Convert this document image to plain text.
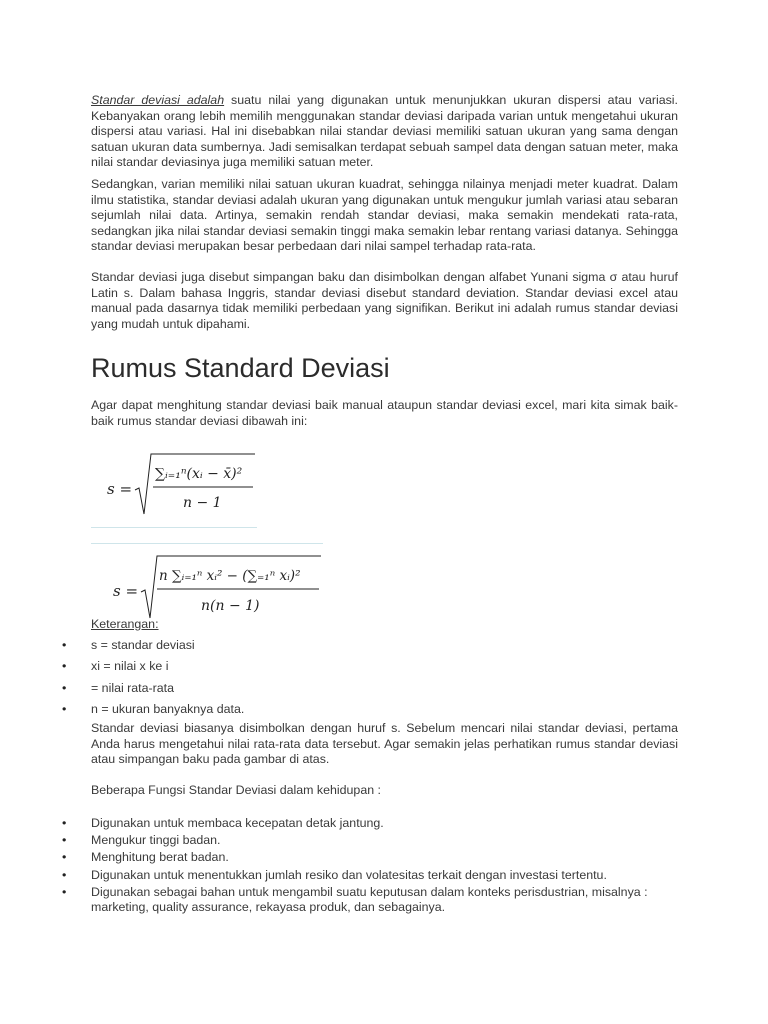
Standar deviasi adalah suatu nilai yang digunakan untuk menunjukkan ukuran dispersi atau variasi. Kebanyakan orang lebih memilih menggunakan standar deviasi daripada varian untuk mengetahui ukuran dispersi atau variasi. Hal ini disebabkan nilai standar deviasi memiliki satuan ukuran yang sama dengan satuan ukuran data sumbernya. Jadi semisalkan terdapat sebuah sampel data dengan satuan meter, maka nilai standar deviasinya juga memiliki satuan meter.

Sedangkan, varian memiliki nilai satuan ukuran kuadrat, sehingga nilainya menjadi meter kuadrat. Dalam ilmu statistika, standar deviasi adalah ukuran yang digunakan untuk mengukur jumlah variasi atau sebaran sejumlah nilai data. Artinya, semakin rendah standar deviasi, maka semakin mendekati rata-rata, sedangkan jika nilai standar deviasi semakin tinggi maka semakin lebar rentang variasi datanya. Sehingga standar deviasi merupakan besar perbedaan dari nilai sampel terhadap rata-rata.

Standar deviasi juga disebut simpangan baku dan disimbolkan dengan alfabet Yunani sigma σ atau huruf Latin s. Dalam bahasa Inggris, standar deviasi disebut standard deviation. Standar deviasi excel atau manual pada dasarnya tidak memiliki perbedaan yang signifikan. Berikut ini adalah rumus standar deviasi yang mudah untuk dipahami.

Rumus Standard Deviasi

Agar dapat menghitung standar deviasi baik manual ataupun standar deviasi excel, mari kita simak baik-baik rumus standar deviasi dibawah ini:

s =
∑ᵢ₌₁ⁿ(xᵢ − x̄)²
n − 1
s =
n ∑ᵢ₌₁ⁿ xᵢ² − (∑₌₁ⁿ xᵢ)²
n(n − 1)
Keterangan:
• s = standar deviasi
• xi = nilai x ke i
• = nilai rata-rata
• n = ukuran banyaknya data.

Standar deviasi biasanya disimbolkan dengan huruf s. Sebelum mencari nilai standar deviasi, pertama Anda harus mengetahui nilai rata-rata data tersebut. Agar semakin jelas perhatikan rumus standar deviasi atau simpangan baku pada gambar di atas.

Beberapa Fungsi Standar Deviasi dalam kehidupan :
• Digunakan untuk membaca kecepatan detak jantung.
• Mengukur tinggi badan.
• Menghitung berat badan.
• Digunakan untuk menentukkan jumlah resiko dan volatesitas terkait dengan investasi tertentu.
• Digunakan sebagai bahan untuk mengambil suatu keputusan dalam konteks perisdustrian, misalnya : marketing, quality assurance, rekayasa produk, dan sebagainya.
